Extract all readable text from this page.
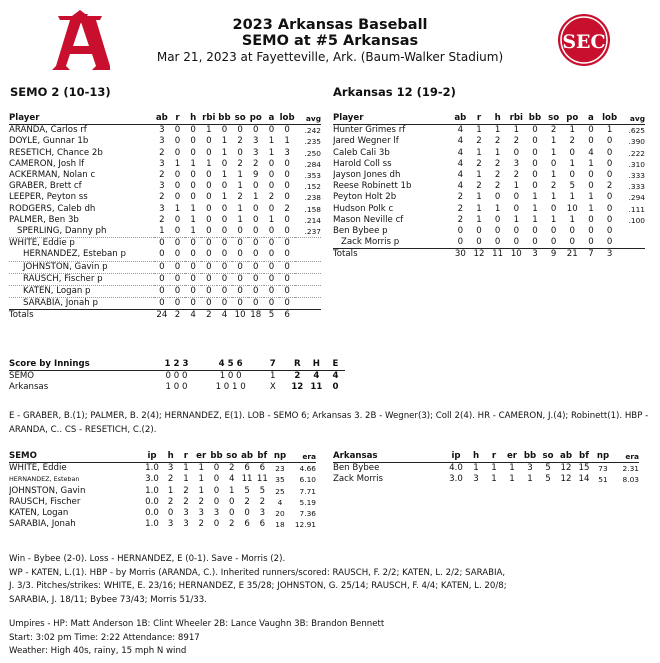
SEC
2023 Arkansas Baseball
SEMO at #5 Arkansas
Mar 21, 2023 at Fayetteville, Ark. (Baum-Walker Stadium)
SEMO 2 (10-13)	Arkansas 12 (19-2)
Player	ab	r	h	rbi	bb	so	po	a	lob	avg
ARANDA, Carlos rf	3	0	0	1	0	0	0	0	0	.242
DOYLE, Gunnar 1b	3	0	0	0	1	2	3	1	1	.235
RESETICH, Chance 2b	2	0	0	0	1	0	3	1	3	.250
CAMERON, Josh lf	3	1	1	1	0	2	2	0	0	.284
ACKERMAN, Nolan c	2	0	0	0	1	1	9	0	0	.353
GRABER, Brett cf	3	0	0	0	0	1	0	0	0	.152
LEEPER, Peyton ss	2	0	0	0	1	2	1	2	0	.238
RODGERS, Caleb dh	3	1	1	0	0	1	0	0	2	.158
PALMER, Ben 3b	2	0	1	0	0	1	0	1	0	.214
SPERLING, Danny ph	1	0	1	0	0	0	0	0	0	.237
WHITE, Eddie p	0	0	0	0	0	0	0	0	0	
HERNANDEZ, Esteban p	0	0	0	0	0	0	0	0	0	
JOHNSTON, Gavin p	0	0	0	0	0	0	0	0	0	
RAUSCH, Fischer p	0	0	0	0	0	0	0	0	0	
KATEN, Logan p	0	0	0	0	0	0	0	0	0	
SARABIA, Jonah p	0	0	0	0	0	0	0	0	0	
Totals	24	2	4	2	4	10	18	5	6	
Player	ab	r	h	rbi	bb	so	po	a	lob	avg
Hunter Grimes rf	4	1	1	1	0	2	1	0	1	.625
Jared Wegner lf	4	2	2	2	0	1	2	0	0	.390
Caleb Cali 3b	4	1	1	0	0	1	0	4	0	.222
Harold Coll ss	4	2	2	3	0	0	1	1	0	.310
Jayson Jones dh	4	1	2	2	0	1	0	0	0	.333
Reese Robinett 1b	4	2	2	1	0	2	5	0	2	.333
Peyton Holt 2b	2	1	0	0	1	1	1	1	0	.294
Hudson Polk c	2	1	1	0	1	0	10	1	0	.111
Mason Neville cf	2	1	0	1	1	1	1	0	0	.100
Ben Bybee p	0	0	0	0	0	0	0	0	0	
Zack Morris p	0	0	0	0	0	0	0	0	0	
Totals	30	12	11	10	3	9	21	7	3	
Score by Innings	1 2 3	4 5 6	7	R	H	E
SEMO	0 0 0	1 0 0	1	2	4	4
Arkansas	1 0 0	1 0 1 0	X	12	11	0
E - GRABER, B.(1); PALMER, B. 2(4); HERNANDEZ, E(1). LOB - SEMO 6; Arkansas 3. 2B - Wegner(3); Coll 2(4). HR - CAMERON, J.(4); Robinett(1). HBP - ARANDA, C.. CS - RESETICH, C.(2).
SEMO	ip	h	r	er	bb	so	ab	bf	np	era
WHITE, Eddie	1.0	3	1	1	0	2	6	6	23	4.66
HERNANDEZ, Esteban	3.0	2	1	1	0	4	11	11	35	6.10
JOHNSTON, Gavin	1.0	1	2	1	0	1	5	5	25	7.71
RAUSCH, Fischer	0.0	2	2	2	0	0	2	2	4	5.19
KATEN, Logan	0.0	0	3	3	3	0	0	3	20	7.36
SARABIA, Jonah	1.0	3	3	2	0	2	6	6	18	12.91
Arkansas	ip	h	r	er	bb	so	ab	bf	np	era
Ben Bybee	4.0	1	1	1	3	5	12	15	73	2.31
Zack Morris	3.0	3	1	1	1	5	12	14	51	8.03
Win - Bybee (2-0). Loss - HERNANDEZ, E (0-1). Save - Morris (2).
WP - KATEN, L.(1). HBP - by Morris (ARANDA, C.). Inherited runners/scored: RAUSCH, F. 2/2; KATEN, L. 2/2; SARABIA,
J. 3/3. Pitches/strikes: WHITE, E. 23/16; HERNANDEZ, E 35/28; JOHNSTON, G. 25/14; RAUSCH, F. 4/4; KATEN, L. 20/8;
SARABIA, J. 18/11; Bybee 73/43; Morris 51/33.
Umpires - HP: Matt Anderson 1B: Clint Wheeler 2B: Lance Vaughn 3B: Brandon Bennett
Start: 3:02 pm Time: 2:22 Attendance: 8917
Weather: High 40s, rainy, 15 mph N wind
